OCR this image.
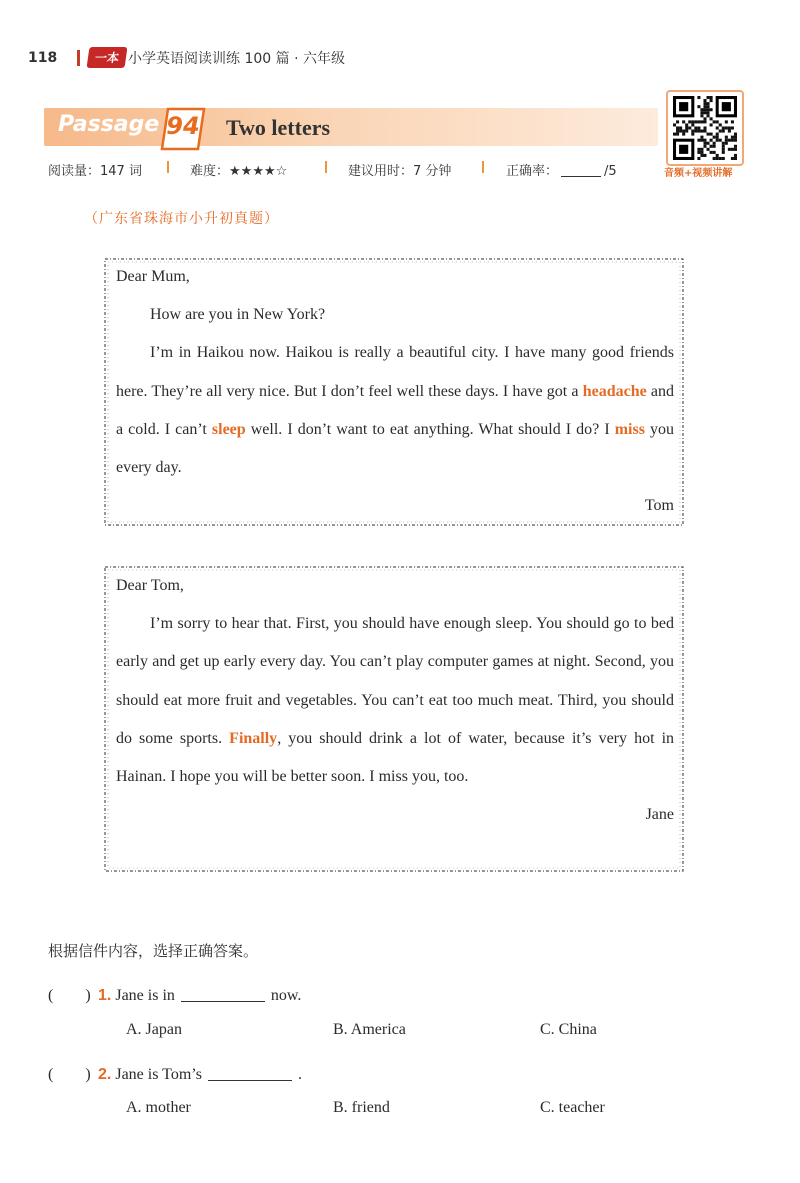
118	一本 小学英语阅读训练 100 篇 · 六年级
Passage 94 Two letters
音频+视频讲解
阅读量：147 词	难度：★★★★☆	建议用时：7 分钟	正确率：	/5
（广东省珠海市小升初真题）

Dear Mum,

How are you in New York?

I’m in Haikou now. Haikou is really a beautiful city. I have many good friends here. They’re all very nice. But I don’t feel well these days. I have got a headache and a cold. I can’t sleep well. I don’t want to eat anything. What should I do? I miss you every day.

Tom

Dear Tom,

I’m sorry to hear that. First, you should have enough sleep. You should go to bed early and get up early every day. You can’t play computer games at night. Second, you should eat more fruit and vegetables. You can’t eat too much meat. Third, you should do some sports. Finally, you should drink a lot of water, because it’s very hot in Hainan. I hope you will be better soon. I miss you, too.

Jane

根据信件内容，选择正确答案。
(　　) 1. Jane is in	now.
A. Japan	B. America	C. China
(　　) 2. Jane is Tom’s	.
A. mother	B. friend	C. teacher
